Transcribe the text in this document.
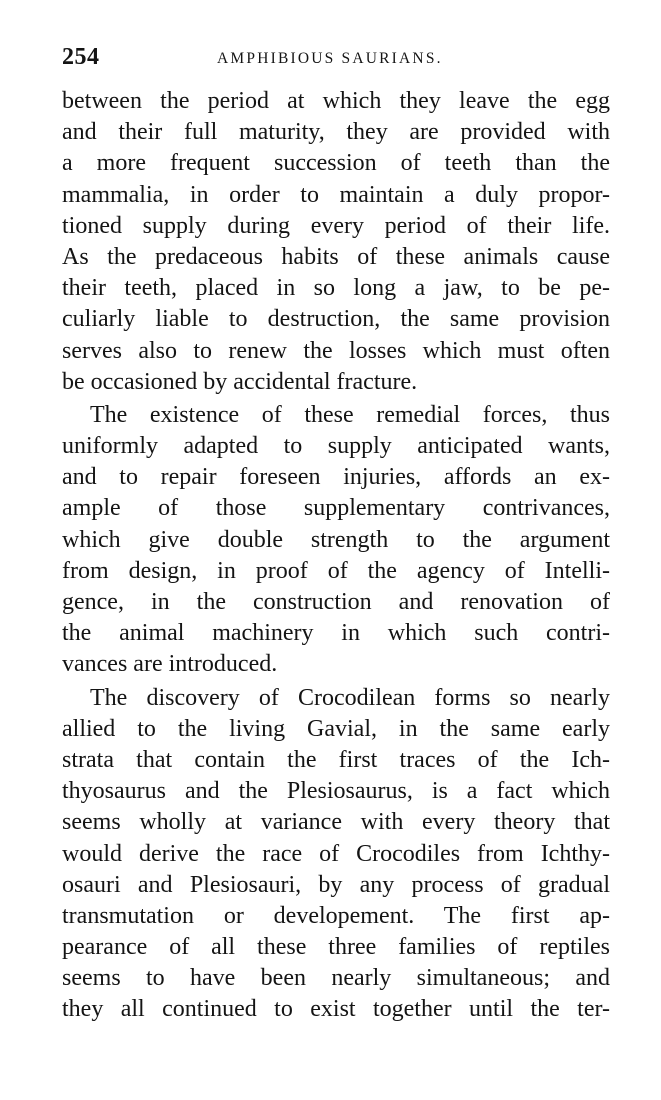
254	AMPHIBIOUS SAURIANS.
between the period at which they leave the egg
and their full maturity, they are provided with
a more frequent succession of teeth than the
mammalia, in order to maintain a duly propor-
tioned supply during every period of their life.
As the predaceous habits of these animals cause
their teeth, placed in so long a jaw, to be pe-
culiarly liable to destruction, the same provision
serves also to renew the losses which must often
be occasioned by accidental fracture.
The existence of these remedial forces, thus
uniformly adapted to supply anticipated wants,
and to repair foreseen injuries, affords an ex-
ample of those supplementary contrivances,
which give double strength to the argument
from design, in proof of the agency of Intelli-
gence, in the construction and renovation of
the animal machinery in which such contri-
vances are introduced.
The discovery of Crocodilean forms so nearly
allied to the living Gavial, in the same early
strata that contain the first traces of the Ich-
thyosaurus and the Plesiosaurus, is a fact which
seems wholly at variance with every theory that
would derive the race of Crocodiles from Ichthy-
osauri and Plesiosauri, by any process of gradual
transmutation or developement. The first ap-
pearance of all these three families of reptiles
seems to have been nearly simultaneous; and
they all continued to exist together until the ter-
